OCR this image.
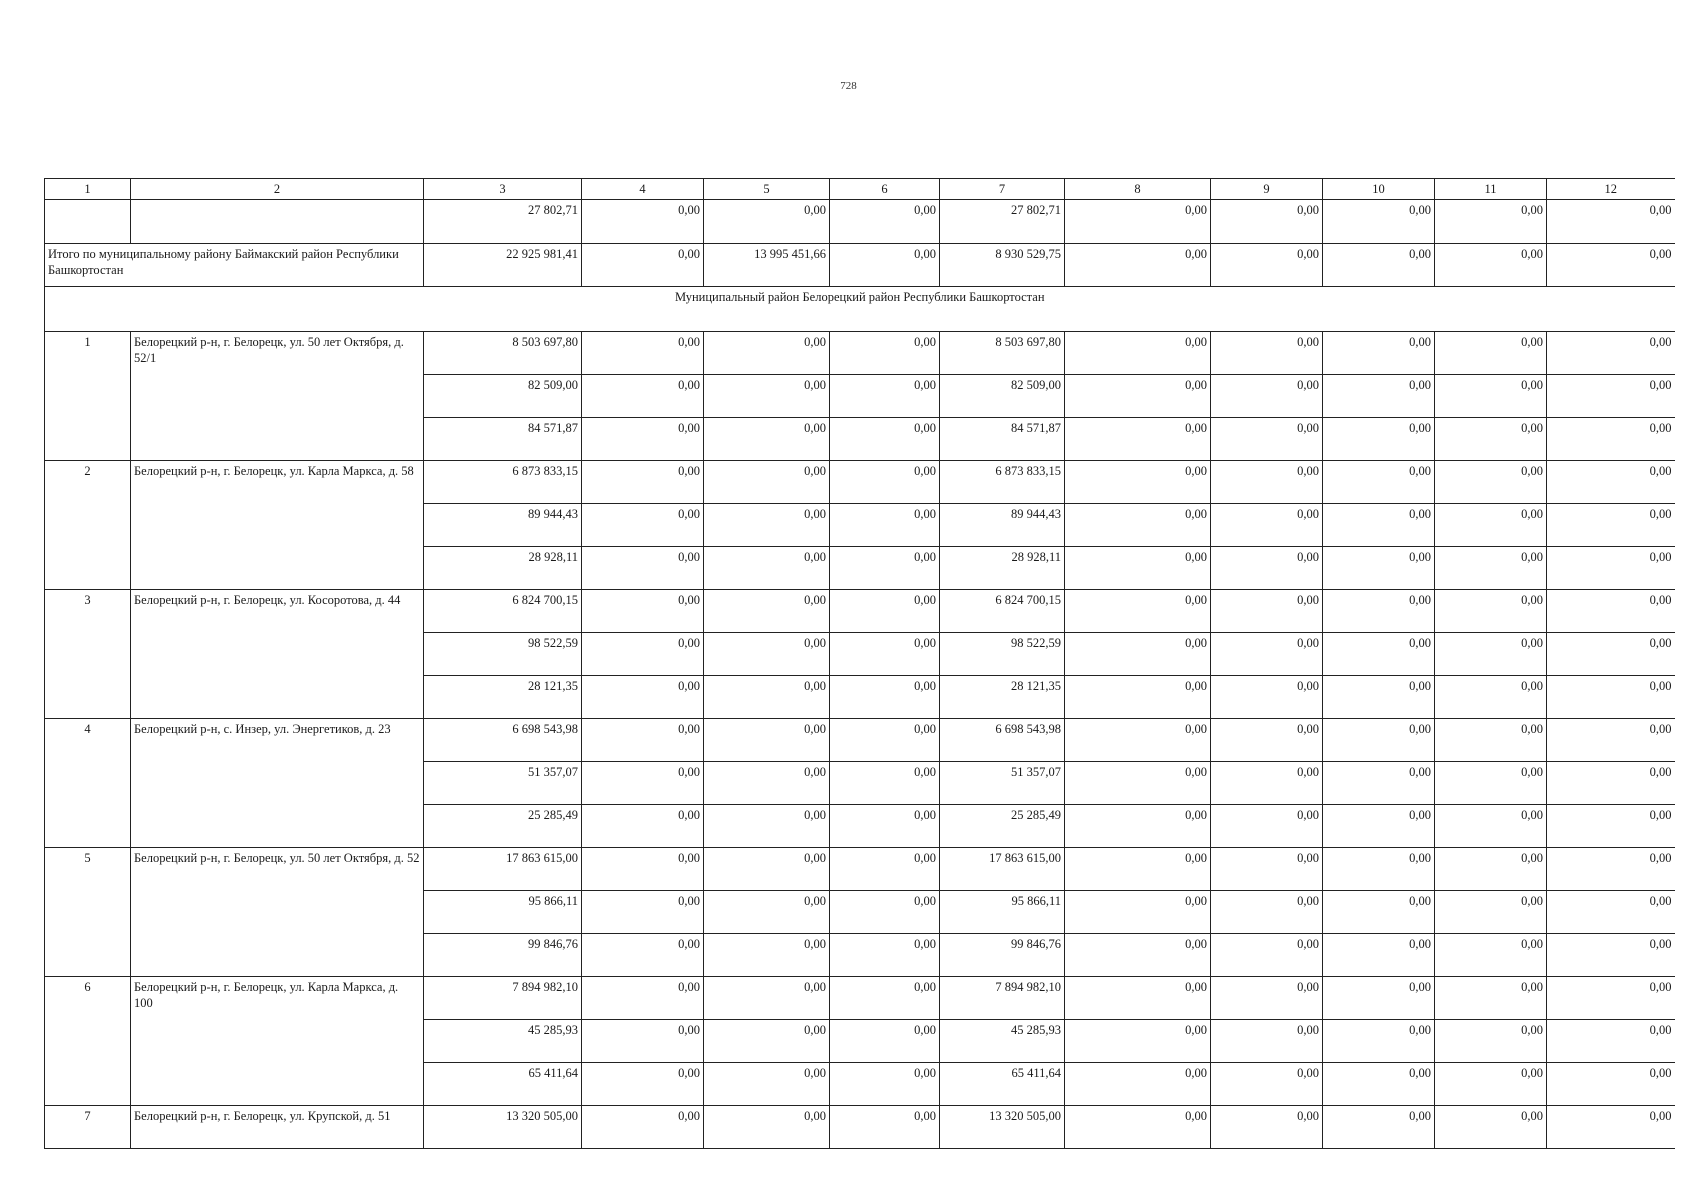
728
1	2	3	4	5	6	7	8	9	10	11	12
		27 802,71	0,00	0,00	0,00	27 802,71	0,00	0,00	0,00	0,00	0,00
Итого по муниципальному району Баймакский район Республики Башкортостан		22 925 981,41	0,00	13 995 451,66	0,00	8 930 529,75	0,00	0,00	0,00	0,00	0,00
Муниципальный район Белорецкий район Республики Башкортостан											
1	Белорецкий р-н, г. Белорецк, ул. 50 лет Октября, д. 52/1	8 503 697,80	0,00	0,00	0,00	8 503 697,80	0,00	0,00	0,00	0,00	0,00
		82 509,00	0,00	0,00	0,00	82 509,00	0,00	0,00	0,00	0,00	0,00
		84 571,87	0,00	0,00	0,00	84 571,87	0,00	0,00	0,00	0,00	0,00
2	Белорецкий р-н, г. Белорецк, ул. Карла Маркса, д. 58	6 873 833,15	0,00	0,00	0,00	6 873 833,15	0,00	0,00	0,00	0,00	0,00
		89 944,43	0,00	0,00	0,00	89 944,43	0,00	0,00	0,00	0,00	0,00
		28 928,11	0,00	0,00	0,00	28 928,11	0,00	0,00	0,00	0,00	0,00
3	Белорецкий р-н, г. Белорецк, ул. Косоротова, д. 44	6 824 700,15	0,00	0,00	0,00	6 824 700,15	0,00	0,00	0,00	0,00	0,00
		98 522,59	0,00	0,00	0,00	98 522,59	0,00	0,00	0,00	0,00	0,00
		28 121,35	0,00	0,00	0,00	28 121,35	0,00	0,00	0,00	0,00	0,00
4	Белорецкий р-н, с. Инзер, ул. Энергетиков, д. 23	6 698 543,98	0,00	0,00	0,00	6 698 543,98	0,00	0,00	0,00	0,00	0,00
		51 357,07	0,00	0,00	0,00	51 357,07	0,00	0,00	0,00	0,00	0,00
		25 285,49	0,00	0,00	0,00	25 285,49	0,00	0,00	0,00	0,00	0,00
5	Белорецкий р-н, г. Белорецк, ул. 50 лет Октября, д. 52	17 863 615,00	0,00	0,00	0,00	17 863 615,00	0,00	0,00	0,00	0,00	0,00
		95 866,11	0,00	0,00	0,00	95 866,11	0,00	0,00	0,00	0,00	0,00
		99 846,76	0,00	0,00	0,00	99 846,76	0,00	0,00	0,00	0,00	0,00
6	Белорецкий р-н, г. Белорецк, ул. Карла Маркса, д. 100	7 894 982,10	0,00	0,00	0,00	7 894 982,10	0,00	0,00	0,00	0,00	0,00
		45 285,93	0,00	0,00	0,00	45 285,93	0,00	0,00	0,00	0,00	0,00
		65 411,64	0,00	0,00	0,00	65 411,64	0,00	0,00	0,00	0,00	0,00
7	Белорецкий р-н, г. Белорецк, ул. Крупской, д. 51	13 320 505,00	0,00	0,00	0,00	13 320 505,00	0,00	0,00	0,00	0,00	0,00
